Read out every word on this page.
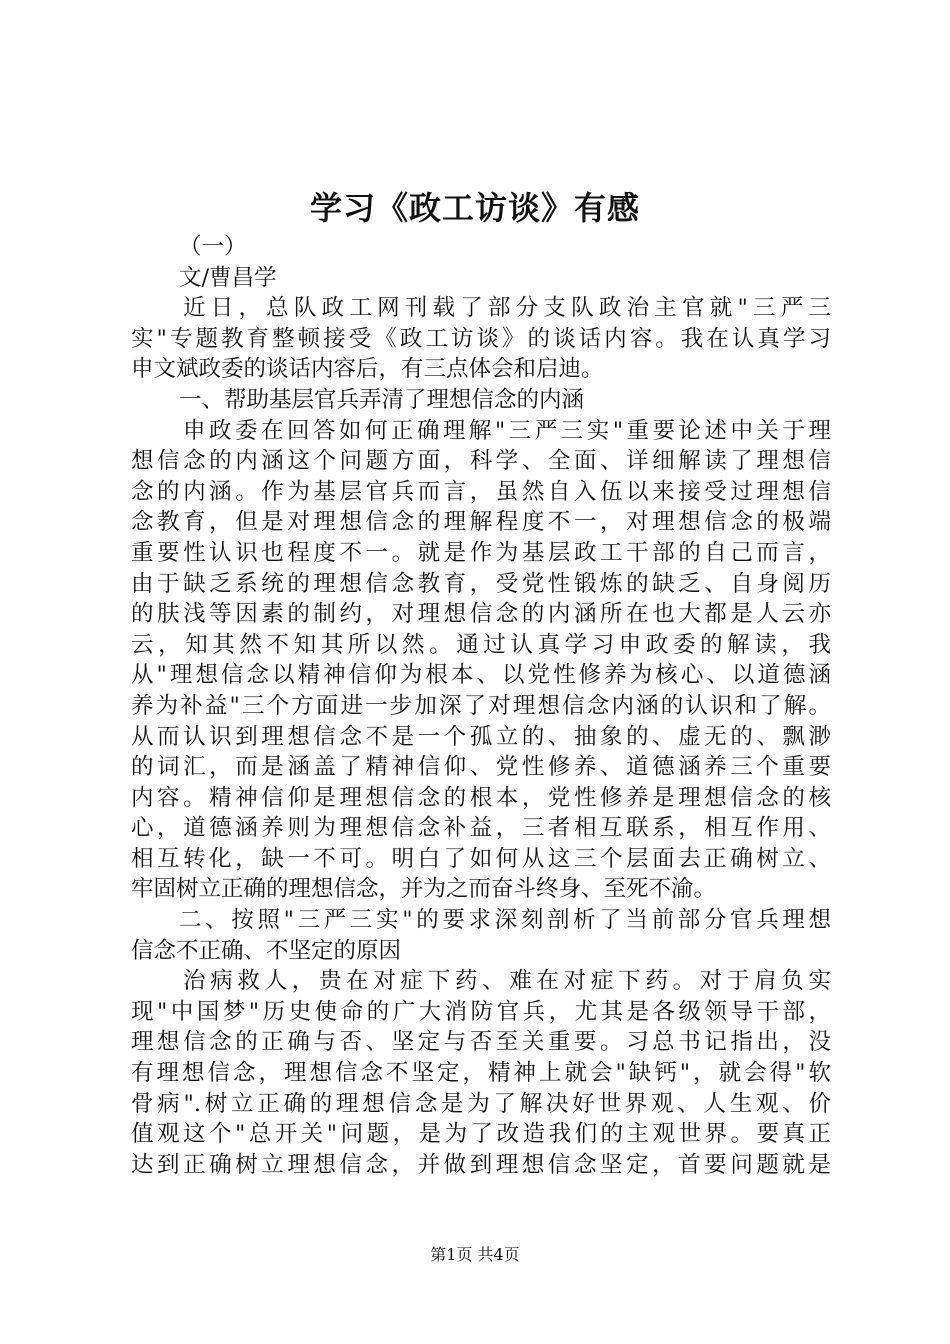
学习《政工访谈》有感
（一）
文/曹昌学
近日，总队政工网刊载了部分支队政治主官就"三严三
实"专题教育整顿接受《政工访谈》的谈话内容。我在认真学习
申文斌政委的谈话内容后，有三点体会和启迪。
一、帮助基层官兵弄清了理想信念的内涵
申政委在回答如何正确理解"三严三实"重要论述中关于理
想信念的内涵这个问题方面，科学、全面、详细解读了理想信
念的内涵。作为基层官兵而言，虽然自入伍以来接受过理想信
念教育，但是对理想信念的理解程度不一，对理想信念的极端
重要性认识也程度不一。就是作为基层政工干部的自己而言，
由于缺乏系统的理想信念教育，受党性锻炼的缺乏、自身阅历
的肤浅等因素的制约，对理想信念的内涵所在也大都是人云亦
云，知其然不知其所以然。通过认真学习申政委的解读，我
从"理想信念以精神信仰为根本、以党性修养为核心、以道德涵
养为补益"三个方面进一步加深了对理想信念内涵的认识和了解。
从而认识到理想信念不是一个孤立的、抽象的、虚无的、飘渺
的词汇，而是涵盖了精神信仰、党性修养、道德涵养三个重要
内容。精神信仰是理想信念的根本，党性修养是理想信念的核
心，道德涵养则为理想信念补益，三者相互联系，相互作用、
相互转化，缺一不可。明白了如何从这三个层面去正确树立、
牢固树立正确的理想信念，并为之而奋斗终身、至死不渝。
二、按照"三严三实"的要求深刻剖析了当前部分官兵理想
信念不正确、不坚定的原因
治病救人，贵在对症下药、难在对症下药。对于肩负实
现"中国梦"历史使命的广大消防官兵，尤其是各级领导干部，
理想信念的正确与否、坚定与否至关重要。习总书记指出，没
有理想信念，理想信念不坚定，精神上就会"缺钙"，就会得"软
骨病".树立正确的理想信念是为了解决好世界观、人生观、价
值观这个"总开关"问题，是为了改造我们的主观世界。要真正
达到正确树立理想信念，并做到理想信念坚定，首要问题就是
第1页 共4页
